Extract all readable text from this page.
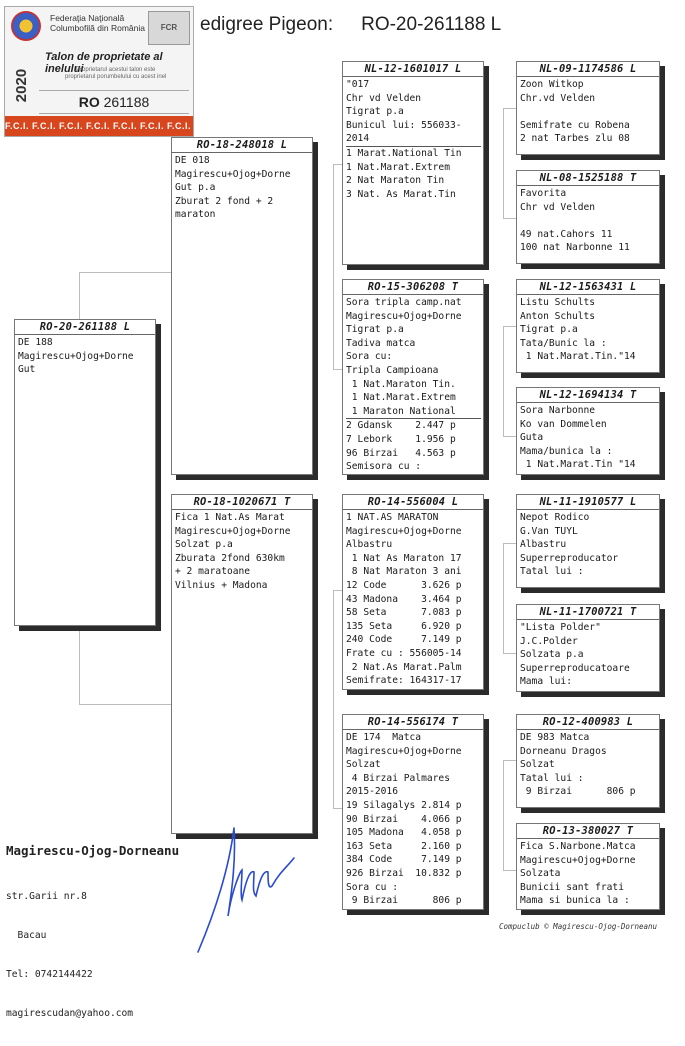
edigree Pigeon: RO-20-261188 L
Federaţia Naţională
Columbofilă din România	FCR
Talon de proprietate al inelului
Proprietarul acestui talon este
proprietarul porumbelului cu acest inel
2020
RO 261188
F.C.I. F.C.I. F.C.I. F.C.I. F.C.I. F.C.I. F.C.I. F.C.I.
RO-20-261188 L
DE 188
Magirescu+Ojog+Dorne
Gut
RO-18-248018 L
DE 018
Magirescu+Ojog+Dorne
Gut p.a
Zburat 2 fond + 2
maraton
RO-18-1020671 T
Fica 1 Nat.As Marat
Magirescu+Ojog+Dorne
Solzat p.a
Zburata 2fond 630km
+ 2 maratoane
Vilnius + Madona
NL-12-1601017 L
"017
Chr vd Velden
Tigrat p.a
Bunicul lui: 556033-
2014
1 Marat.National Tin
1 Nat.Marat.Extrem
2 Nat Maraton Tin
3 Nat. As Marat.Tin
RO-15-306208 T
Sora tripla camp.nat
Magirescu+Ojog+Dorne
Tigrat p.a
Tadiva matca
Sora cu:
Tripla Campioana
1 Nat.Maraton Tin.
1 Nat.Marat.Extrem
1 Maraton National
2 Gdansk    2.447 p
7 Lebork    1.956 p
96 Birzai   4.563 p
Semisora cu :
RO-14-556004 L
1 NAT.AS MARATON
Magirescu+Ojog+Dorne
Albastru
1 Nat As Maraton 17
8 Nat Maraton 3 ani
12 Code      3.626 p
43 Madona    3.464 p
58 Seta      7.083 p
135 Seta     6.920 p
240 Code     7.149 p
Frate cu : 556005-14
2 Nat.As Marat.Palm
Semifrate: 164317-17
RO-14-556174 T
DE 174  Matca
Magirescu+Ojog+Dorne
Solzat
4 Birzai Palmares
2015-2016
19 Silagalys 2.814 p
90 Birzai    4.066 p
105 Madona   4.058 p
163 Seta     2.160 p
384 Code     7.149 p
926 Birzai  10.832 p
Sora cu :
9 Birzai      806 p
NL-09-1174586 L
Zoon Witkop
Chr.vd Velden
Semifrate cu Robena
2 nat Tarbes zlu 08
NL-08-1525188 T
Favorita
Chr vd Velden
49 nat.Cahors 11
100 nat Narbonne 11
NL-12-1563431 L
Listu Schults
Anton Schults
Tigrat p.a
Tata/Bunic la :
1 Nat.Marat.Tin."14
NL-12-1694134 T
Sora Narbonne
Ko van Dommelen
Guta
Mama/bunica la :
1 Nat.Marat.Tin "14
NL-11-1910577 L
Nepot Rodico
G.Van TUYL
Albastru
Superreproducator
Tatal lui :
NL-11-1700721 T
"Lista Polder"
J.C.Polder
Solzata p.a
Superreproducatoare
Mama lui:
RO-12-400983 L
DE 983 Matca
Dorneanu Dragos
Solzat
Tatal lui :
9 Birzai      806 p
RO-13-380027 T
Fica S.Narbone.Matca
Magirescu+Ojog+Dorne
Solzata
Bunicii sant frati
Mama si bunica la :
Magirescu-Ojog-Dorneanu

str.Garii nr.8

Bacau

Tel: 0742144422

magirescudan@yahoo.com

Compuclub © Magirescu-Ojog-Dorneanu
